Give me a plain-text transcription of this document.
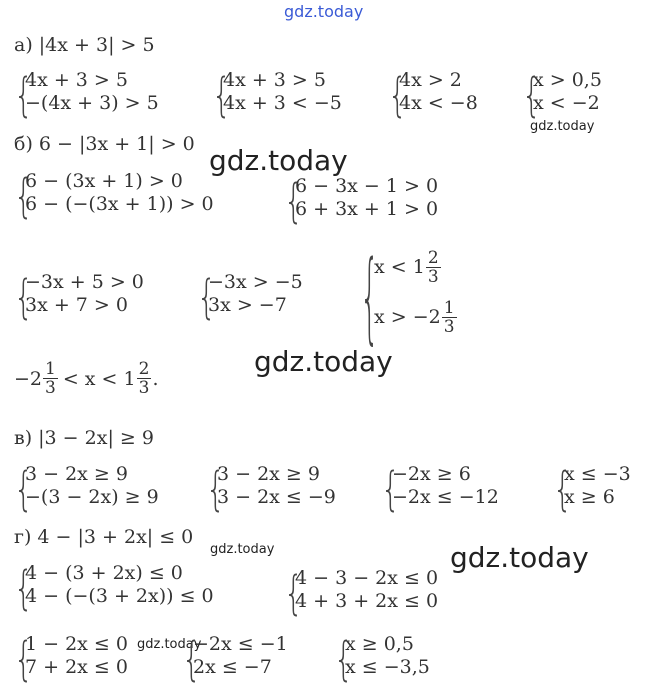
gdz.today
а) |4x + 3| > 5
{
4x + 3 > 5
−(4x + 3) > 5 {
4x + 3 > 5
4x + 3 < −5 {
4x > 2
4x < −8 {
x > 0,5
x < −2
gdz.today
б) 6 − |3x + 1| > 0 gdz.today
{
6 − (3x + 1) > 0
6 − (−(3x + 1)) > 0 {
6 − 3x − 1 > 0
6 + 3x + 1 > 0
{
−3x + 5 > 0
3x + 7 > 0	{
−3x > −5
3x > −7	{
$x < 1 \frac{2}{3}$
$x > -2 \frac{1}{3}$
gdz.today
$-2 \frac{1}{3} < x < 1 \frac{2}{3}$ .
в) |3 − 2x| ≥ 9
{
3 − 2x ≥ 9
−(3 − 2x) ≥ 9 {
3 − 2x ≥ 9
3 − 2x ≤ −9 {
−2x ≥ 6
−2x ≤ −12 {
x ≤ −3
x ≥ 6
г) 4 − |3 + 2x| ≤ 0
gdz.today	gdz.today
{
4 − (3 + 2x) ≤ 0
4 − (−(3 + 2x)) ≤ 0 {
4 − 3 − 2x ≤ 0
4 + 3 + 2x ≤ 0
{
1 − 2x ≤ 0
7 + 2x ≤ 0
gdz.today
{
−2x ≤ −1
2x ≤ −7	{
x ≥ 0,5
x ≤ −3,5
